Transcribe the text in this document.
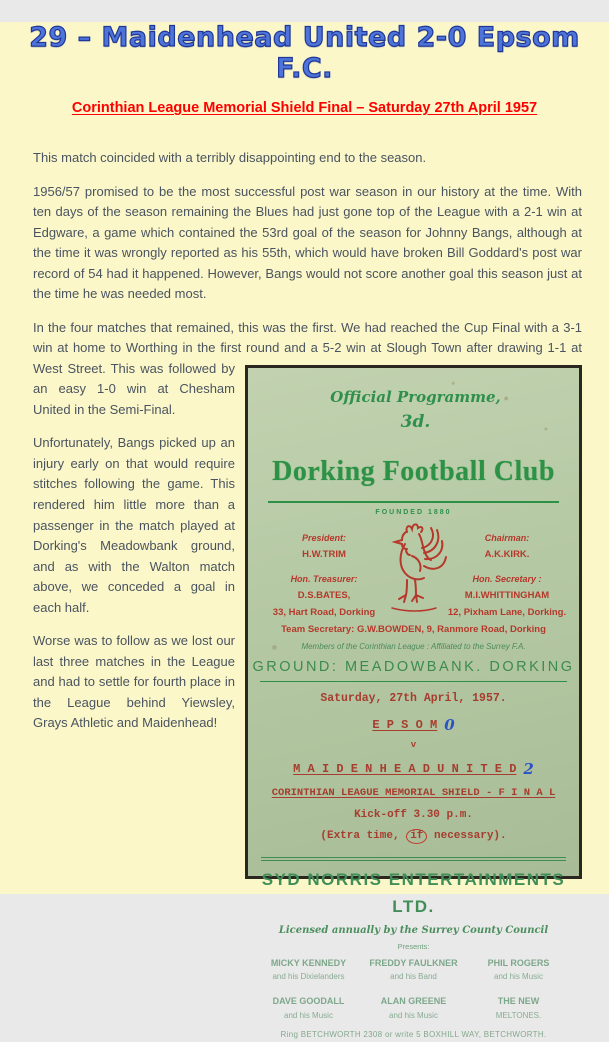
29 – Maidenhead United 2-0 Epsom F.C.
Corinthian League Memorial Shield Final – Saturday 27th April 1957

This match coincided with a terribly disappointing end to the season.

1956/57 promised to be the most successful post war season in our history at the time. With ten days of the season remaining the Blues had just gone top of the League with a 2-1 win at Edgware, a game which contained the 53rd goal of the season for Johnny Bangs, although at the time it was wrongly reported as his 55th, which would have broken Bill Goddard's post war record of 54 had it happened. However, Bangs would not score another goal this season just at the time he was needed most.

In the four matches that remained, this was the first. We had reached the Cup Final with a 3-1 win at home to Worthing in the first round and a 5-2 win at Slough Town after
Official Programme,
3d.
Dorking Football Club
FOUNDED 1880
President:
H.W.TRIM
Hon. Treasurer:
D.S.BATES,
33, Hart Road, Dorking
Chairman:
A.K.KIRK.
Hon. Secretary :
M.I.WHITTINGHAM
12, Pixham Lane, Dorking.
Team Secretary: G.W.BOWDEN, 9, Ranmore Road, Dorking
Members of the Corinthian League : Affiliated to the Surrey F.A.
GROUND: MEADOWBANK. DORKING
Saturday, 27th April, 1957.
E P S O M 0
v
M A I D E N H E A D U N I T E D 2
CORINTHIAN LEAGUE MEMORIAL SHIELD - F I N A L
Kick-off 3.30 p.m.
(Extra time, if necessary).
SYD NORRIS ENTERTAINMENTS LTD.
Licensed annually by the Surrey County Council
Presents:
MICKY KENNEDY
and his Dixielanders
FREDDY FAULKNER
and his Band
PHIL ROGERS
and his Music
DAVE GOODALL
and his Music
ALAN GREENE
and his Music
THE NEW
MELTONES.
Ring BETCHWORTH 2308 or write 5 BOXHILL WAY, BETCHWORTH.
drawing 1-1 at West Street. This was followed by an easy 1-0 win at Chesham United in the Semi-Final.

Unfortunately, Bangs picked up an injury early on that would require stitches following the game. This rendered him little more than a passenger in the match played at Dorking's Meadowbank ground, and as with the Walton match above, we conceded a goal in each half.

Worse was to follow as we lost our last three matches in the League and had to settle for fourth place in the League behind Yiewsley, Grays Athletic and Maidenhead!
